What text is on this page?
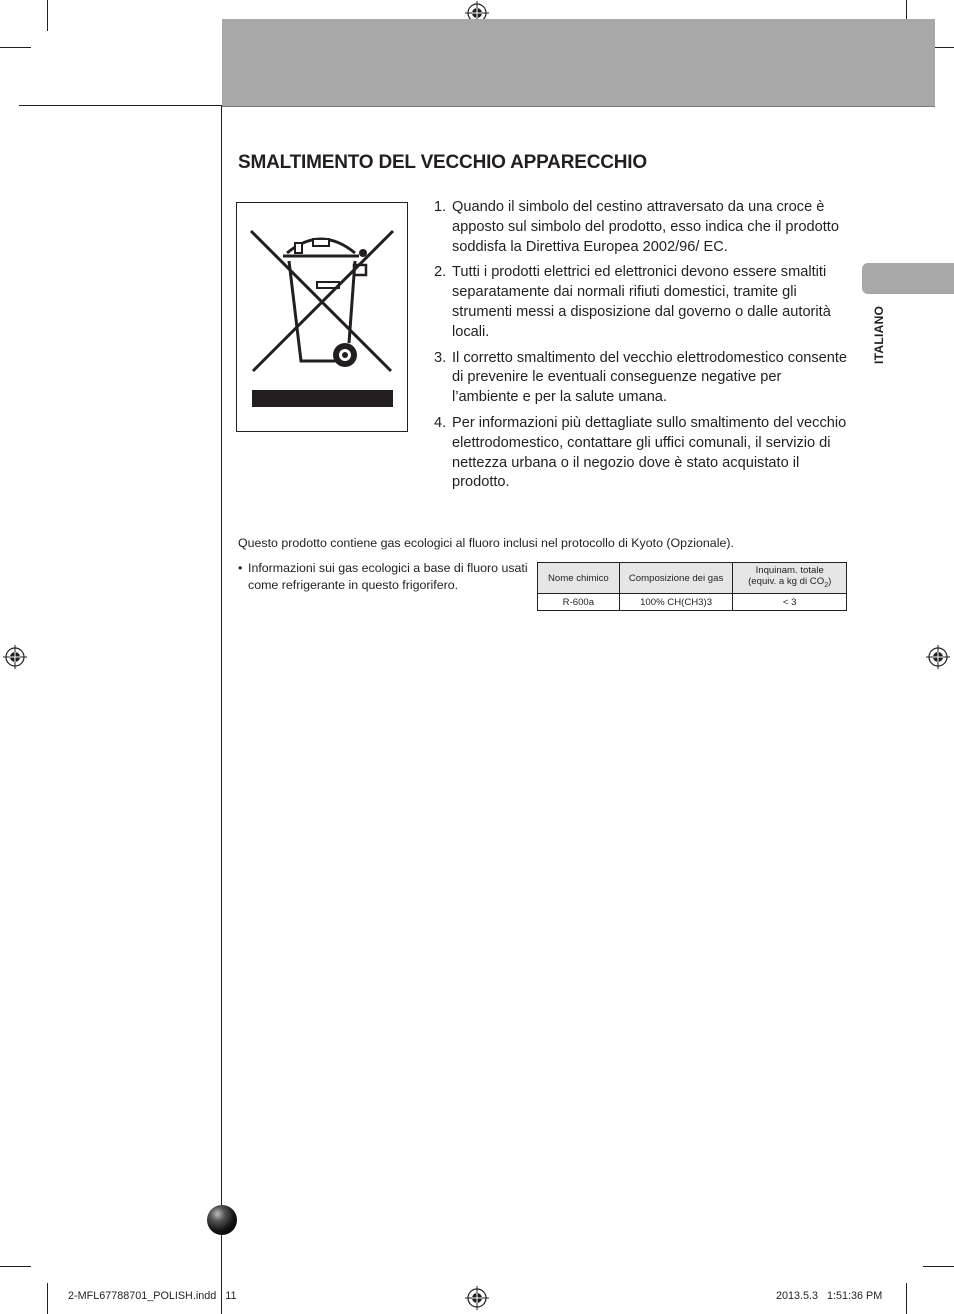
ITALIANO
SMALTIMENTO DEL VECCHIO APPARECCHIO
1. Quando il simbolo del cestino attraversato da una croce è apposto sul simbolo del prodotto, esso indica che il prodotto soddisfa la Direttiva Europea 2002/96/ EC.
2. Tutti i prodotti elettrici ed elettronici devono essere smaltiti separatamente dai normali rifiuti domestici, tramite gli strumenti messi a disposizione dal governo o dalle autorità locali.
3. Il corretto smaltimento del vecchio elettrodomestico consente di prevenire le eventuali conseguenze negative per l’ambiente e per la salute umana.
4. Per informazioni più dettagliate sullo smaltimento del vecchio elettrodomestico, contattare gli uffici comunali, il servizio di nettezza urbana o il negozio dove è stato acquistato il prodotto.
Questo prodotto contiene gas ecologici al fluoro inclusi nel protocollo di Kyoto (Opzionale).
• Informazioni sui gas ecologici a base di fluoro usati come refrigerante in questo frigorifero.	Nome chimico	Composizione dei gas	Inquinam. totale
(equiv. a kg di $CO_2$)
R-600a	100% CH(CH3)3	< 3
2-MFL67788701_POLISH.indd   11	2013.5.3   1:51:36 PM
